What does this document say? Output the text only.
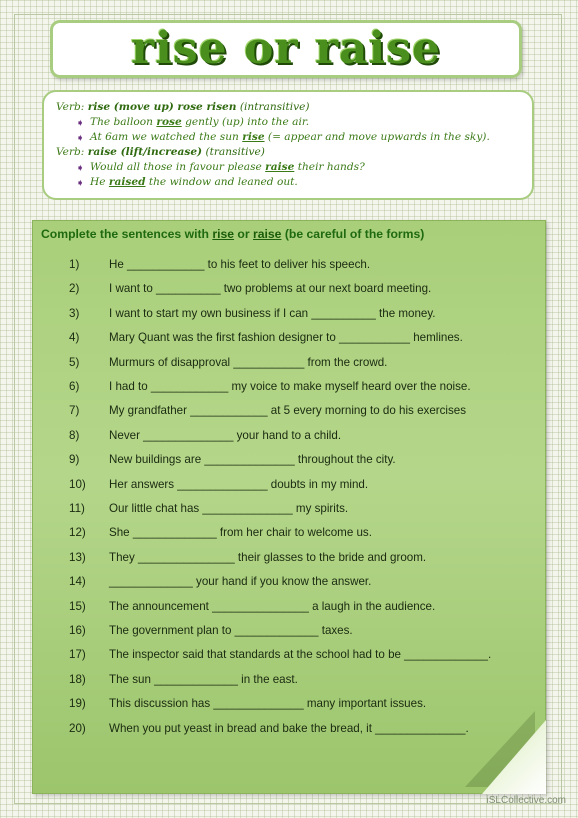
rise or raise
Verb: rise (move up) rose risen (intransitive)
➧ The balloon rose gently (up) into the air.
➧ At 6am we watched the sun rise (= appear and move upwards in the sky).
Verb: raise (lift/increase) (transitive)
➧ Would all those in favour please raise their hands?
➧ He raised the window and leaned out.
Complete the sentences with rise or raise (be careful of the forms)
1)	He ____________ to his feet to deliver his speech.
2)	I want to __________ two problems at our next board meeting.
3)	I want to start my own business if I can __________ the money.
4)	Mary Quant was the first fashion designer to ___________ hemlines.
5)	Murmurs of disapproval ___________ from the crowd.
6)	I had to ____________ my voice to make myself heard over the noise.
7)	My grandfather ____________ at 5 every morning to do his exercises
8)	Never ______________ your hand to a child.
9)	New buildings are ______________ throughout the city.
10) Her answers ______________ doubts in my mind.
11) Our little chat has ______________ my spirits.
12) She _____________ from her chair to welcome us.
13) They _______________ their glasses to the bride and groom.
14) _____________ your hand if you know the answer.
15) The announcement _______________ a laugh in the audience.
16) The government plan to _____________ taxes.
17) The inspector said that standards at the school had to be _____________.
18) The sun _____________ in the east.
19) This discussion has ______________ many important issues.
20) When you put yeast in bread and bake the bread, it ______________.
iSLCollective.com
